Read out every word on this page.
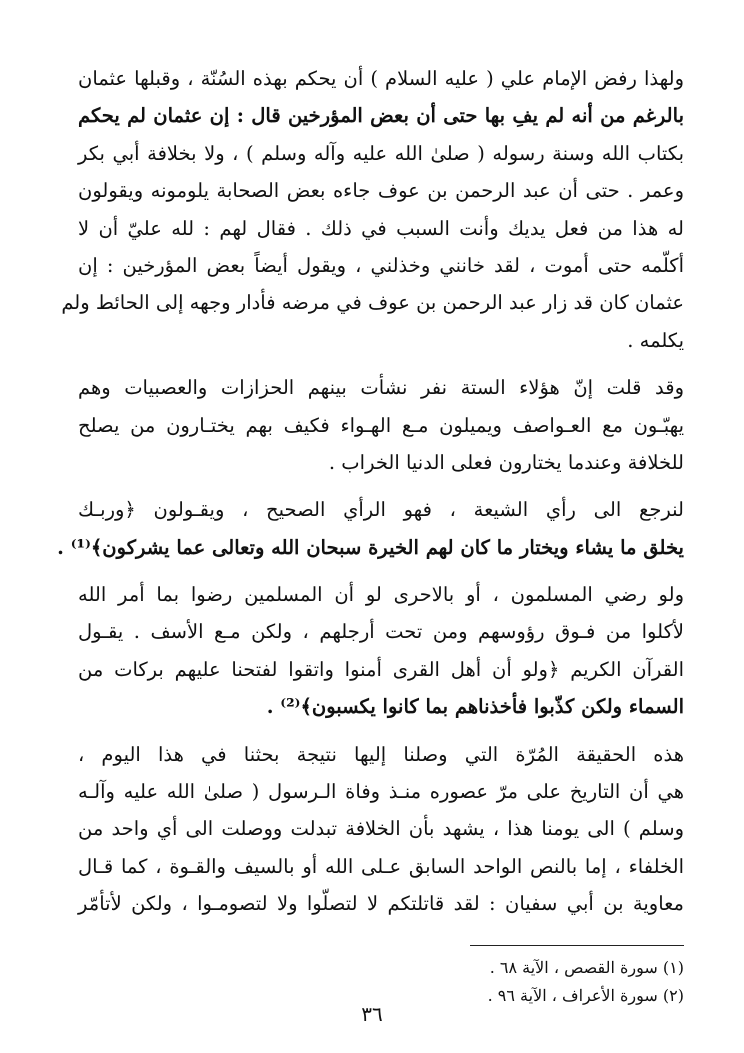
ولهذا رفض الإمام علي ( عليه السلام ) أن يحكم بهذه السُنّة ، وقبلها عثمان
بالرغم من أنه لم يفِ بها حتى أن بعض المؤرخين قال : إن عثمان لم يحكم
بكتاب الله وسنة رسوله ( صلىٰ الله عليه وآله وسلم ) ، ولا بخلافة أبي بكر
وعمر . حتى أن عبد الرحمن بن عوف جاءه بعض الصحابة يلومونه ويقولون
له هذا من فعل يديك وأنت السبب في ذلك . فقال لهم : لله عليّ أن لا
أكلّمه حتى أموت ، لقد خانني وخذلني ، ويقول أيضاً بعض المؤرخين : إن
عثمان كان قد زار عبد الرحمن بن عوف في مرضه فأدار وجهه إلى الحائط ولم
يكلمه .
وقد قلت إنّ هؤلاء الستة نفر نشأت بينهم الحزازات والعصبيات وهم
يهبّـون مع العـواصف ويميلون مـع الهـواء فكيف بهم يختـارون من يصلح
للخلافة وعندما يختارون فعلى الدنيا الخراب .
لنرجع الى رأي الشيعة ، فهو الرأي الصحيح ، ويقـولون ﴿وربـك
يخلق ما يشاء ويختار ما كان لهم الخيرة سبحان الله وتعالى عما يشركون﴾⁽¹⁾ .
ولو رضي المسلمون ، أو بالاحرى لو أن المسلمين رضوا بما أمر الله
لأكلوا من فـوق رؤوسهم ومن تحت أرجلهم ، ولكن مـع الأسف . يقـول
القرآن الكريم ﴿ولو أن أهل القرى أمنوا واتقوا لفتحنا عليهم بركات من
السماء ولكن كذّبوا فأخذناهم بما كانوا يكسبون﴾⁽²⁾ .
هذه الحقيقة المُرّة التي وصلنا إليها نتيجة بحثنا في هذا اليوم ،
هي أن التاريخ على مرّ عصوره منـذ وفاة الـرسول ( صلىٰ الله عليه وآلـه
وسلم ) الى يومنا هذا ، يشهد بأن الخلافة تبدلت ووصلت الى أي واحد من
الخلفاء ، إما بالنص الواحد السابق عـلى الله أو بالسيف والقـوة ، كما قـال
معاوية بن أبي سفيان : لقد قاتلتكم لا لتصلّوا ولا لتصومـوا ، ولكن لأتأمّر
(١) سورة القصص ، الآية ٦٨ .
(٢) سورة الأعراف ، الآية ٩٦ .
٣٦
